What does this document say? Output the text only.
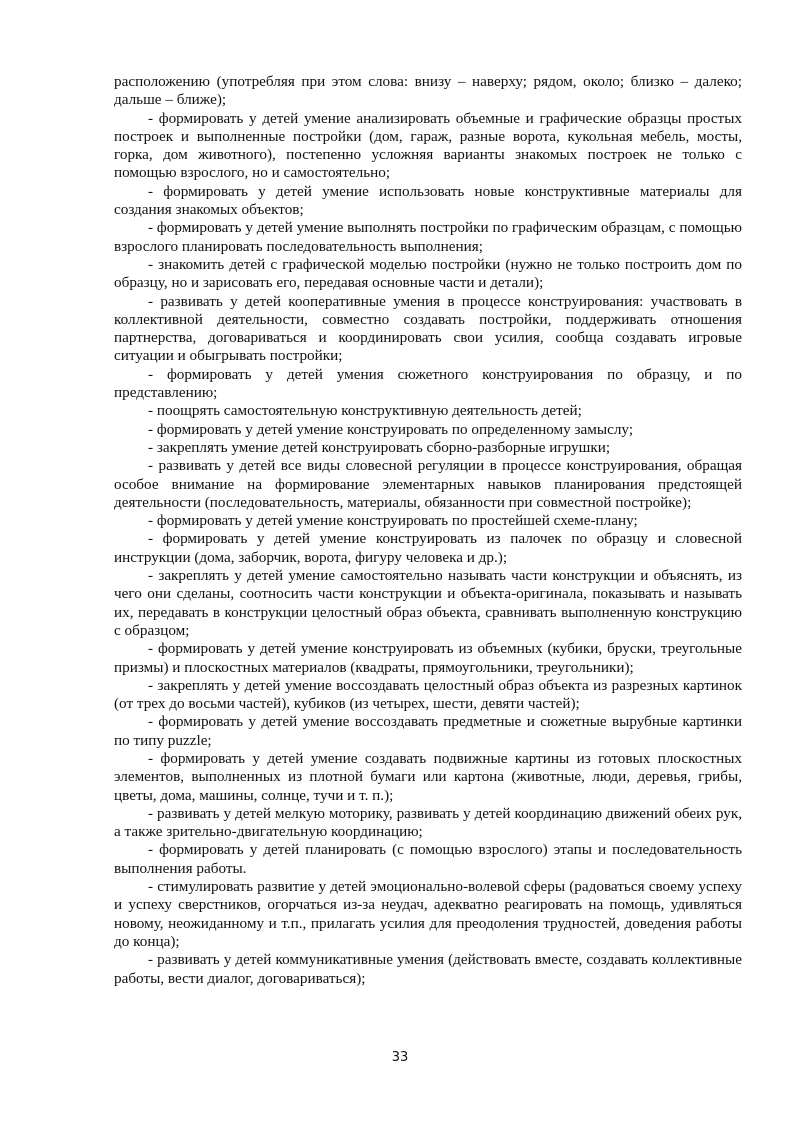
расположению (употребляя при этом слова: внизу – наверху; рядом, около; близко – далеко; дальше – ближе);

- формировать у детей умение анализировать объемные и графические образцы простых построек и выполненные постройки (дом, гараж, разные ворота, кукольная мебель, мосты, горка, дом животного), постепенно усложняя варианты знакомых построек не только с помощью взрослого, но и самостоятельно;

- формировать у детей умение использовать новые конструктивные материалы для создания знакомых объектов;

- формировать у детей умение выполнять постройки по графическим образцам, с помощью взрослого планировать последовательность выполнения;

- знакомить детей с графической моделью постройки (нужно не только построить дом по образцу, но и зарисовать его, передавая основные части и детали);

- развивать у детей кооперативные умения в процессе конструирования: участвовать в коллективной деятельности, совместно создавать постройки, поддерживать отношения партнерства, договариваться и координировать свои усилия, сообща создавать игровые ситуации и обыгрывать постройки;

- формировать у детей умения сюжетного конструирования по образцу, и по представлению;

- поощрять самостоятельную конструктивную деятельность детей;

- формировать у детей умение конструировать по определенному замыслу;

- закреплять умение детей конструировать сборно-разборные игрушки;

- развивать у детей все виды словесной регуляции в процессе конструирования, обращая особое внимание на формирование элементарных навыков планирования предстоящей деятельности (последовательность, материалы, обязанности при совместной постройке);

- формировать у детей умение конструировать по простейшей схеме-плану;

- формировать у детей умение конструировать из палочек по образцу и словесной инструкции (дома, заборчик, ворота, фигуру человека и др.);

- закреплять у детей умение самостоятельно называть части конструкции и объяснять, из чего они сделаны, соотносить части конструкции и объекта-оригинала, показывать и называть их, передавать в конструкции целостный образ объекта, сравнивать выполненную конструкцию с образцом;

- формировать у детей умение конструировать из объемных (кубики, бруски, треугольные призмы) и плоскостных материалов (квадраты, прямоугольники, треугольники);

- закреплять у детей умение воссоздавать целостный образ объекта из разрезных картинок (от трех до восьми частей), кубиков (из четырех, шести, девяти частей);

- формировать у детей умение воссоздавать предметные и сюжетные вырубные картинки по типу puzzle;

- формировать у детей умение создавать подвижные картины из готовых плоскостных элементов, выполненных из плотной бумаги или картона (животные, люди, деревья, грибы, цветы, дома, машины, солнце, тучи и т. п.);

- развивать у детей мелкую моторику, развивать у детей координацию движений обеих рук, а также зрительно-двигательную координацию;

- формировать у детей планировать (с помощью взрослого) этапы и последовательность выполнения работы.

- стимулировать развитие у детей эмоционально-волевой сферы (радоваться своему успеху и успеху сверстников, огорчаться из-за неудач, адекватно реагировать на помощь, удивляться новому, неожиданному и т.п., прилагать усилия для преодоления трудностей, доведения работы до конца);

- развивать у детей коммуникативные умения (действовать вместе, создавать коллективные работы, вести диалог, договариваться);

33
